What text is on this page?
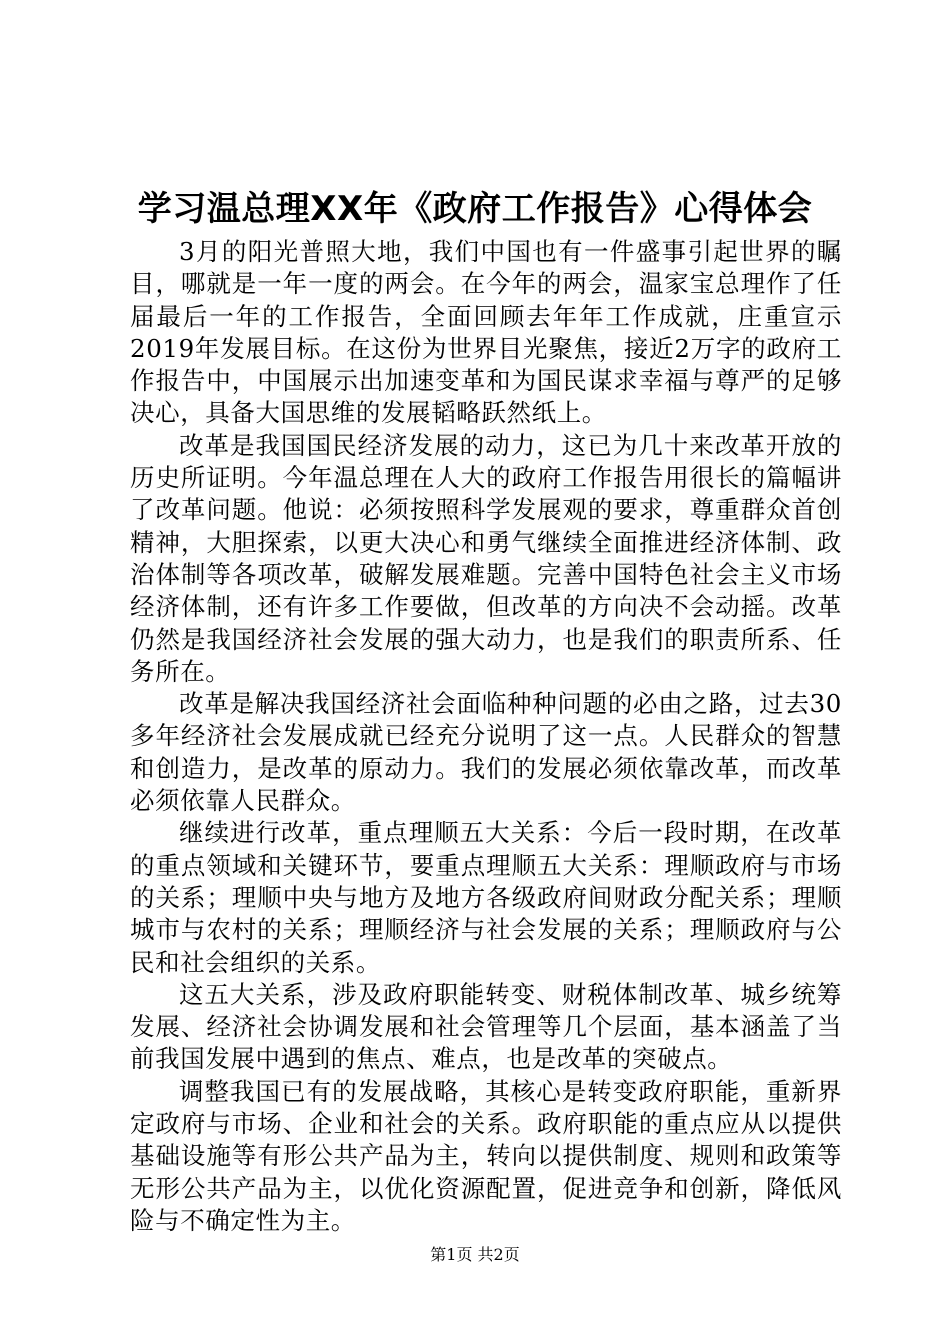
学习温总理XX年《政府工作报告》心得体会

3月的阳光普照大地，我们中国也有一件盛事引起世界的瞩目，哪就是一年一度的两会。在今年的两会，温家宝总理作了任届最后一年的工作报告，全面回顾去年年工作成就，庄重宣示2019年发展目标。在这份为世界目光聚焦，接近2万字的政府工作报告中，中国展示出加速变革和为国民谋求幸福与尊严的足够决心，具备大国思维的发展韬略跃然纸上。

改革是我国国民经济发展的动力，这已为几十来改革开放的历史所证明。今年温总理在人大的政府工作报告用很长的篇幅讲了改革问题。他说：必须按照科学发展观的要求，尊重群众首创精神，大胆探索，以更大决心和勇气继续全面推进经济体制、政治体制等各项改革，破解发展难题。完善中国特色社会主义市场经济体制，还有许多工作要做，但改革的方向决不会动摇。改革仍然是我国经济社会发展的强大动力，也是我们的职责所系、任务所在。

改革是解决我国经济社会面临种种问题的必由之路，过去30多年经济社会发展成就已经充分说明了这一点。人民群众的智慧和创造力，是改革的原动力。我们的发展必须依靠改革，而改革必须依靠人民群众。

继续进行改革，重点理顺五大关系：今后一段时期，在改革的重点领域和关键环节，要重点理顺五大关系：理顺政府与市场的关系；理顺中央与地方及地方各级政府间财政分配关系；理顺城市与农村的关系；理顺经济与社会发展的关系；理顺政府与公民和社会组织的关系。

这五大关系，涉及政府职能转变、财税体制改革、城乡统筹发展、经济社会协调发展和社会管理等几个层面，基本涵盖了当前我国发展中遇到的焦点、难点，也是改革的突破点。

调整我国已有的发展战略，其核心是转变政府职能，重新界定政府与市场、企业和社会的关系。政府职能的重点应从以提供基础设施等有形公共产品为主，转向以提供制度、规则和政策等无形公共产品为主，以优化资源配置，促进竞争和创新，降低风险与不确定性为主。

第1页 共2页
